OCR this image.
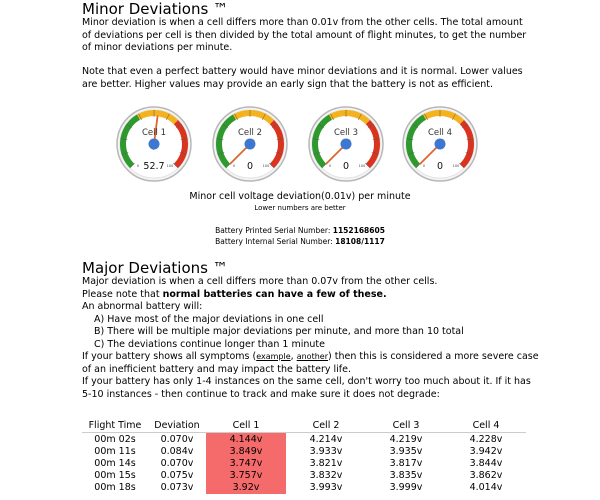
Minor Deviations ™
Minor deviation is when a cell differs more than 0.01v from the other cells. The total amount of deviations per cell is then divided by the total amount of flight minutes, to get the number of minor deviations per minute.
Note that even a perfect battery would have minor deviations and it is normal. Lower values are better. Higher values may provide an early sign that the battery is not as efficient.
0	100
Cell 1
52.7	0	100
Cell 2
0	0	100
Cell 3
0	0	100
Cell 4
0
Minor cell voltage deviation(0.01v) per minute
Lower numbers are better
Battery Printed Serial Number: 1152168605
Battery Internal Serial Number: 18108/1117
Major Deviations ™
Major deviation is when a cell differs more than 0.07v from the other cells.
Please note that normal batteries can have a few of these.
An abnormal battery will:
A) Have most of the major deviations in one cell
B) There will be multiple major deviations per minute, and more than 10 total
C) The deviations continue longer than 1 minute
If your battery shows all symptoms (example, another) then this is considered a more severe case of an inefficient battery and may impact the battery life.
If your battery has only 1-4 instances on the same cell, don't worry too much about it. If it has 5-10 instances - then continue to track and make sure it does not degrade:
Flight Time	Deviation	Cell 1	Cell 2	Cell 3	Cell 4
00m 02s	0.070v	4.144v	4.214v	4.219v	4.228v
00m 11s	0.084v	3.849v	3.933v	3.935v	3.942v
00m 14s	0.070v	3.747v	3.821v	3.817v	3.844v
00m 15s	0.075v	3.757v	3.832v	3.835v	3.862v
00m 18s	0.073v	3.92v	3.993v	3.999v	4.014v
